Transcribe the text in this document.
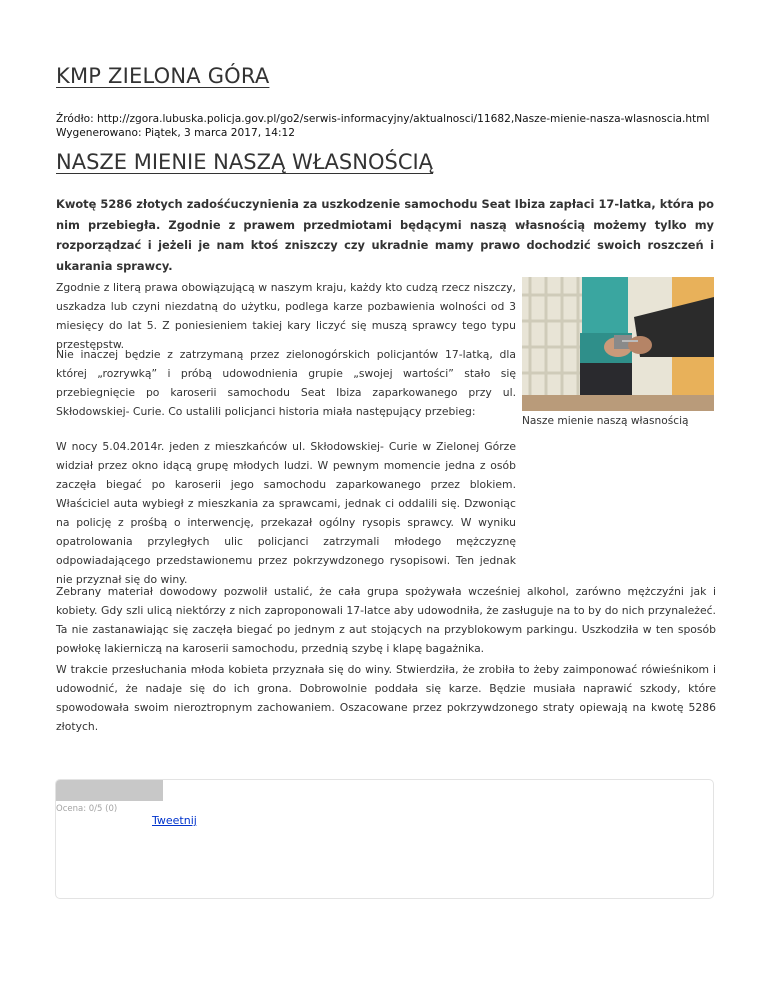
KMP ZIELONA GÓRA
Źródło: http://zgora.lubuska.policja.gov.pl/go2/serwis-informacyjny/aktualnosci/11682,Nasze-mienie-nasza-wlasnoscia.html
Wygenerowano: Piątek, 3 marca 2017, 14:12
NASZE MIENIE NASZĄ WŁASNOŚCIĄ

Kwotę 5286 złotych zadośćuczynienia za uszkodzenie samochodu Seat Ibiza zapłaci 17-latka, która po nim przebiegła. Zgodnie z prawem przedmiotami będącymi naszą własnością możemy tylko my rozporządzać i jeżeli je nam ktoś zniszczy czy ukradnie mamy prawo dochodzić swoich roszczeń i ukarania sprawcy.

Zgodnie z literą prawa obowiązującą w naszym kraju, każdy kto cudzą rzecz niszczy, uszkadza lub czyni niezdatną do użytku, podlega karze pozbawienia wolności od 3 miesięcy do lat 5. Z poniesieniem takiej kary liczyć się muszą sprawcy tego typu przestępstw.

Nie inaczej będzie z zatrzymaną przez zielonogórskich policjantów 17-latką, dla której „rozrywką” i próbą udowodnienia grupie „swojej wartości” stało się przebiegnięcie po karoserii samochodu Seat Ibiza zaparkowanego przy ul. Skłodowskiej- Curie. Co ustalili policjanci historia miała następujący przebieg:

W nocy 5.04.2014r. jeden z mieszkańców ul. Skłodowskiej- Curie w Zielonej Górze widział przez okno idącą grupę młodych ludzi. W pewnym momencie jedna z osób zaczęła biegać po karoserii jego samochodu zaparkowanego przez blokiem. Właściciel auta wybiegł z mieszkania za sprawcami, jednak ci oddalili się. Dzwoniąc na policję z prośbą o interwencję, przekazał ogólny rysopis sprawcy. W wyniku opatrolowania przyległych ulic policjanci zatrzymali młodego mężczyznę odpowiadającego przedstawionemu przez pokrzywdzonego rysopisowi. Ten jednak nie przyznał się do winy.

Nasze mienie naszą własnością

Zebrany materiał dowodowy pozwolił ustalić, że cała grupa spożywała wcześniej alkohol, zarówno mężczyźni jak i kobiety. Gdy szli ulicą niektórzy z nich zaproponowali 17-latce aby udowodniła, że zasługuje na to by do nich przynależeć. Ta nie zastanawiając się zaczęła biegać po jednym z aut stojących na przyblokowym parkingu. Uszkodziła w ten sposób powłokę lakierniczą na karoserii samochodu, przednią szybę i klapę bagażnika.

W trakcie przesłuchania młoda kobieta przyznała się do winy. Stwierdziła, że zrobiła to żeby zaimponować rówieśnikom i udowodnić, że nadaje się do ich grona. Dobrowolnie poddała się karze. Będzie musiała naprawić szkody, które spowodowała swoim nieroztropnym zachowaniem. Oszacowane przez pokrzywdzonego straty opiewają na kwotę 5286 złotych.

Ocena: 0/5 (0)
Tweetnij
